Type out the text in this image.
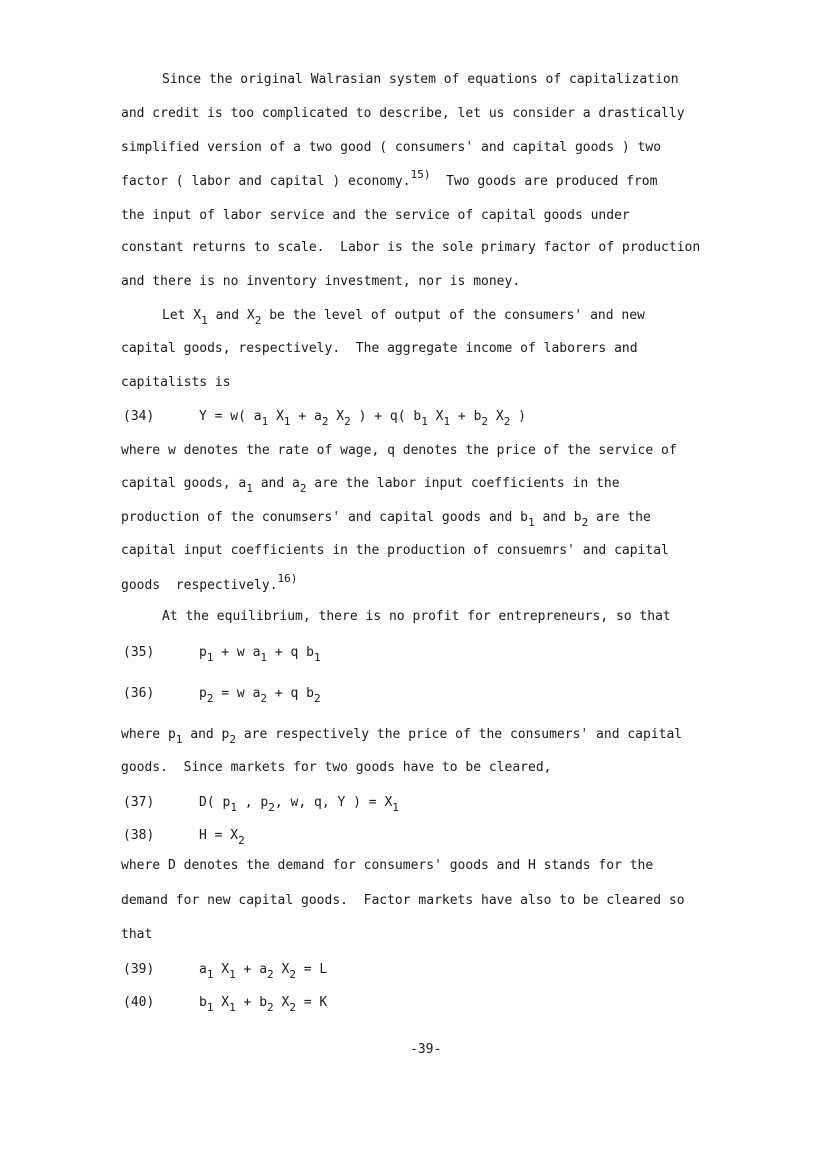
Since the original Walrasian system of equations of capitalization
and credit is too complicated to describe, let us consider a drastically
simplified version of a two good ( consumers' and capital goods ) two
factor ( labor and capital ) economy.$^{15)}$ Two goods are produced from
the input of labor service and the service of capital goods under
constant returns to scale.  Labor is the sole primary factor of production
and there is no inventory investment, nor is money.
Let $X_1$ and $X_2$ be the level of output of the consumers' and new
capital goods, respectively.  The aggregate income of laborers and
capitalists is
(34)	Y = w( $a_1$ $X_1 + a_2$ $X_2$ ) + q( $b_1$ $X_1 + b_2$ $X_2$ )
where w denotes the rate of wage, q denotes the price of the service of
capital goods, $a_1$ and $a_2$ are the labor input coefficients in the
production of the conumsers' and capital goods and $b_1$ and $b_2$ are the
capital input coefficients in the production of consuemrs' and capital
goods  respectively.$^{16)}$
At the equilibrium, there is no profit for entrepreneurs, so that
(35)	$p_1 + w$ $a_1 + q$ $b_1$
(36)	$p_2 = w$ $a_2 + q$ $b_2$
where $p_1$ and $p_2$ are respectively the price of the consumers' and capital
goods.  Since markets for two goods have to be cleared,
(37)	D( $p_1$ , $p_2$, w, q, Y ) = $X_1$
(38)	$H = X_2$
where D denotes the demand for consumers' goods and H stands for the
demand for new capital goods.  Factor markets have also to be cleared so
that
(39)	$a_1$ $X_1 + a_2$ $X_2 = L$
(40)	$b_1$ $X_1 + b_2$ $X_2 = K$
-39-
